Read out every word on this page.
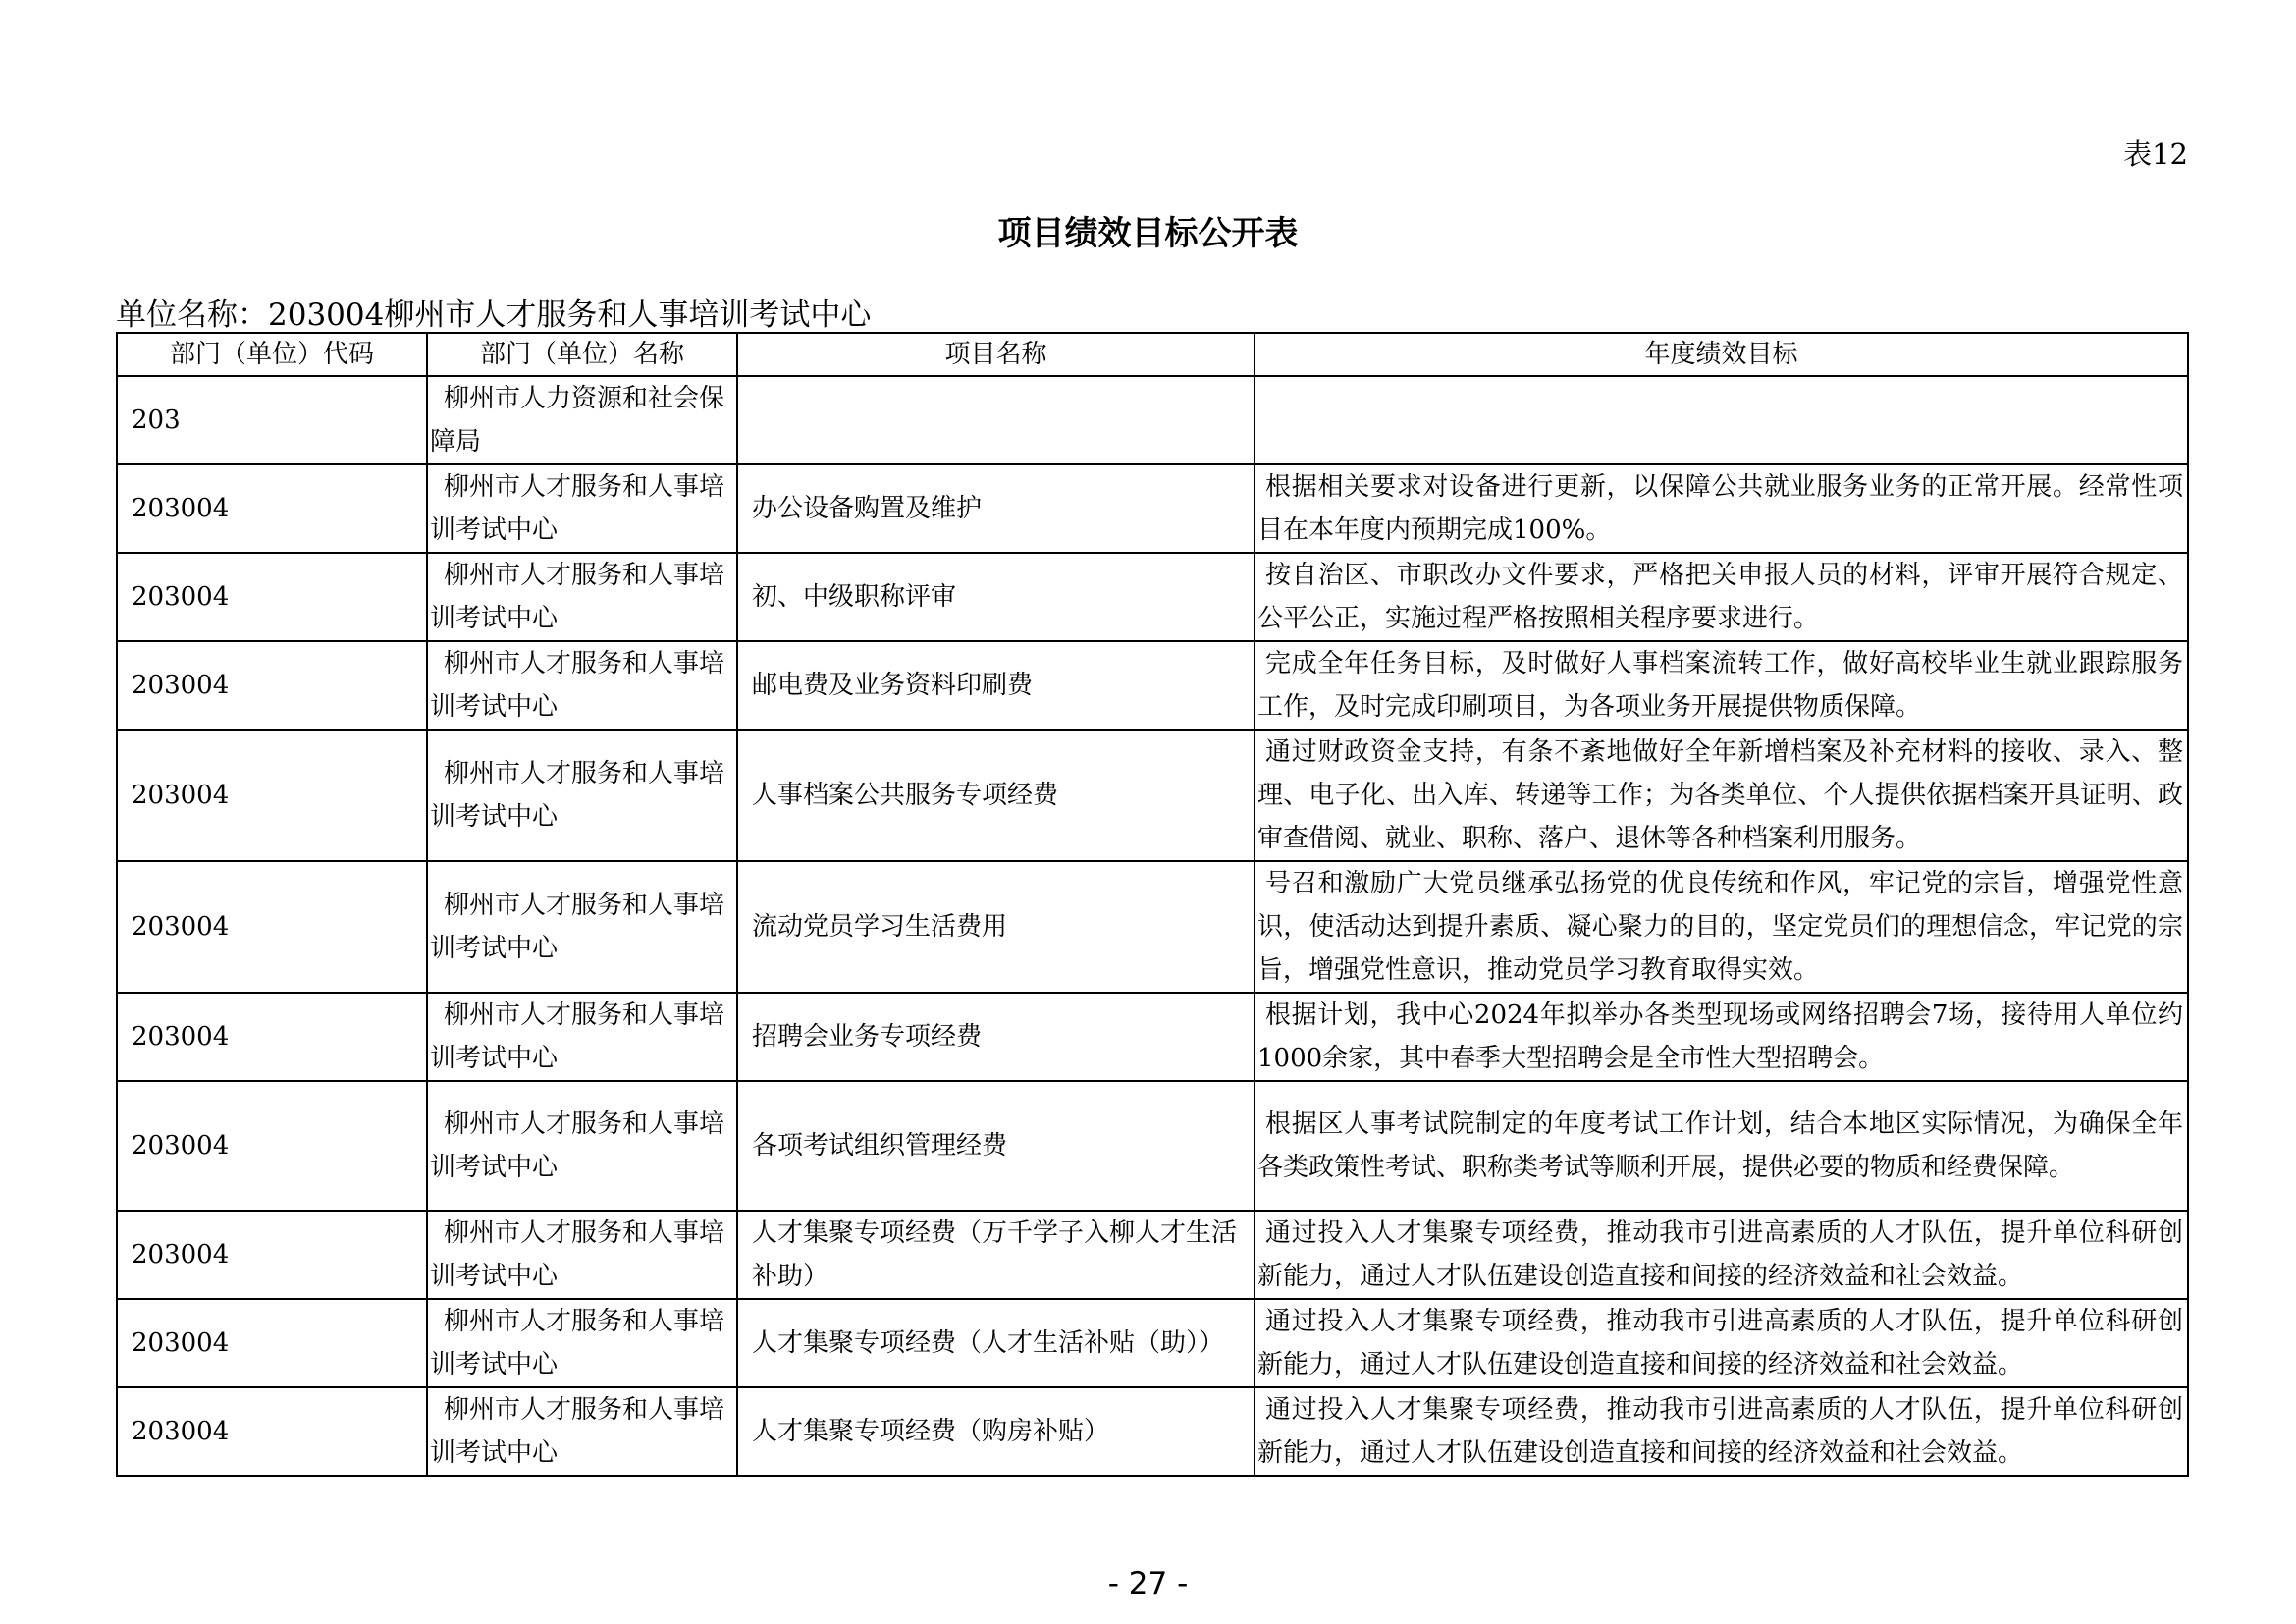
表12
项目绩效目标公开表
单位名称：203004柳州市人才服务和人事培训考试中心
部门（单位）代码	部门（单位）名称	项目名称	年度绩效目标
203	柳州市人力资源和社会保障局		
203004	柳州市人才服务和人事培训考试中心	办公设备购置及维护	根据相关要求对设备进行更新，以保障公共就业服务业务的正常开展。经常性项目在本年度内预期完成100%。
203004	柳州市人才服务和人事培训考试中心	初、中级职称评审	按自治区、市职改办文件要求，严格把关申报人员的材料，评审开展符合规定、公平公正，实施过程严格按照相关程序要求进行。
203004	柳州市人才服务和人事培训考试中心	邮电费及业务资料印刷费	完成全年任务目标，及时做好人事档案流转工作，做好高校毕业生就业跟踪服务工作，及时完成印刷项目，为各项业务开展提供物质保障。
203004	柳州市人才服务和人事培训考试中心	人事档案公共服务专项经费	通过财政资金支持，有条不紊地做好全年新增档案及补充材料的接收、录入、整理、电子化、出入库、转递等工作；为各类单位、个人提供依据档案开具证明、政审查借阅、就业、职称、落户、退休等各种档案利用服务。
203004	柳州市人才服务和人事培训考试中心	流动党员学习生活费用	号召和激励广大党员继承弘扬党的优良传统和作风，牢记党的宗旨，增强党性意识，使活动达到提升素质、凝心聚力的目的，坚定党员们的理想信念，牢记党的宗旨，增强党性意识，推动党员学习教育取得实效。
203004	柳州市人才服务和人事培训考试中心	招聘会业务专项经费	根据计划，我中心2024年拟举办各类型现场或网络招聘会7场，接待用人单位约1000余家，其中春季大型招聘会是全市性大型招聘会。
203004	柳州市人才服务和人事培训考试中心	各项考试组织管理经费	根据区人事考试院制定的年度考试工作计划，结合本地区实际情况，为确保全年各类政策性考试、职称类考试等顺利开展，提供必要的物质和经费保障。
203004	柳州市人才服务和人事培训考试中心	人才集聚专项经费（万千学子入柳人才生活补助）	通过投入人才集聚专项经费，推动我市引进高素质的人才队伍，提升单位科研创新能力，通过人才队伍建设创造直接和间接的经济效益和社会效益。
203004	柳州市人才服务和人事培训考试中心	人才集聚专项经费（人才生活补贴（助））	通过投入人才集聚专项经费，推动我市引进高素质的人才队伍，提升单位科研创新能力，通过人才队伍建设创造直接和间接的经济效益和社会效益。
203004	柳州市人才服务和人事培训考试中心	人才集聚专项经费（购房补贴）	通过投入人才集聚专项经费，推动我市引进高素质的人才队伍，提升单位科研创新能力，通过人才队伍建设创造直接和间接的经济效益和社会效益。
- 27 -
